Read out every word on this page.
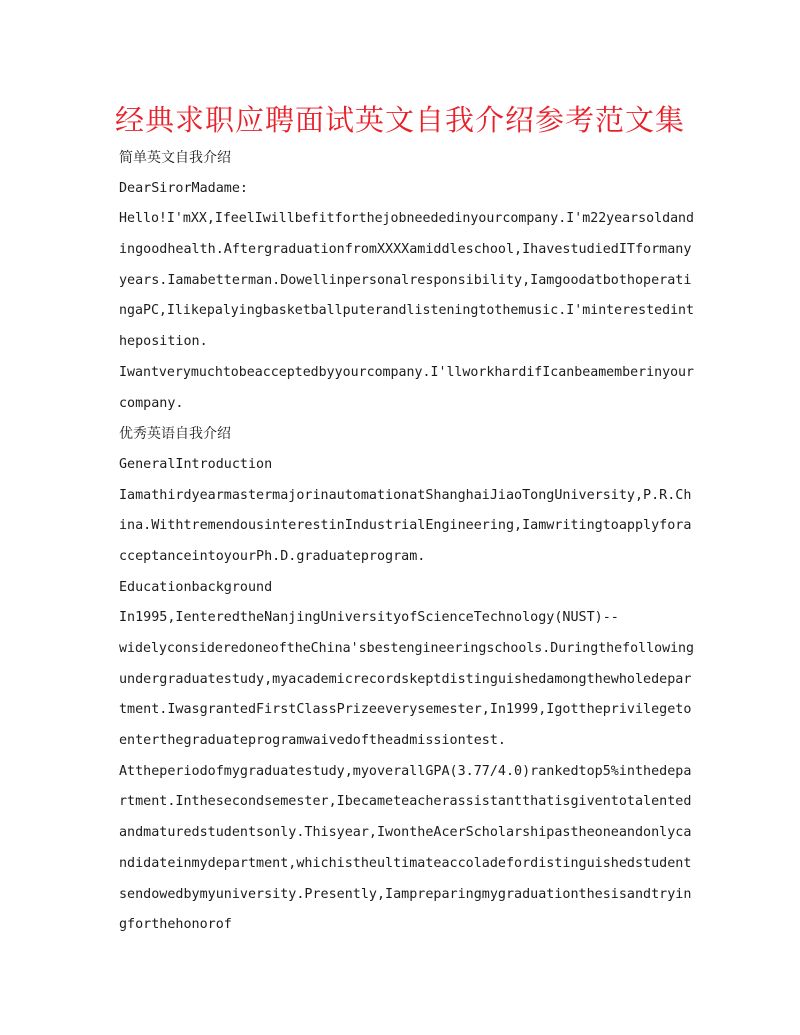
经典求职应聘面试英文自我介绍参考范文集
简单英文自我介绍
DearSirorMadame:
Hello!I'mXX,IfeelIwillbefitforthejobneededinyourcompany.I'm22yearsoldand
ingoodhealth.AftergraduationfromXXXXamiddleschool,IhavestudiedITformany
years.Iamabetterman.Dowellinpersonalresponsibility,Iamgoodatbothoperati
ngaPC,Ilikepalyingbasketballputerandlisteningtothemusic.I'minterestedint
heposition.
Iwantverymuchtobeacceptedbyyourcompany.I'llworkhardifIcanbeamemberinyour
company.
优秀英语自我介绍
GeneralIntroduction
IamathirdyearmastermajorinautomationatShanghaiJiaoTongUniversity,P.R.Ch
ina.WithtremendousinterestinIndustrialEngineering,Iamwritingtoapplyfora
cceptanceintoyourPh.D.graduateprogram.
Educationbackground
In1995,IenteredtheNanjingUniversityofScienceTechnology(NUST)--
widelyconsideredoneoftheChina'sbestengineeringschools.Duringthefollowing
undergraduatestudy,myacademicrecordskeptdistinguishedamongthewholedepar
tment.IwasgrantedFirstClassPrizeeverysemester,In1999,Igottheprivilegeto
enterthegraduateprogramwaivedoftheadmissiontest.
Attheperiodofmygraduatestudy,myoverallGPA(3.77/4.0)rankedtop5%inthedepa
rtment.Inthesecondsemester,Ibecameteacherassistantthatisgiventotalented
andmaturedstudentsonly.Thisyear,IwontheAcerScholarshipastheoneandonlyca
ndidateinmydepartment,whichistheultimateaccoladefordistinguishedstudent
sendowedbymyuniversity.Presently,Iampreparingmygraduationthesisandtryin
gforthehonorof
